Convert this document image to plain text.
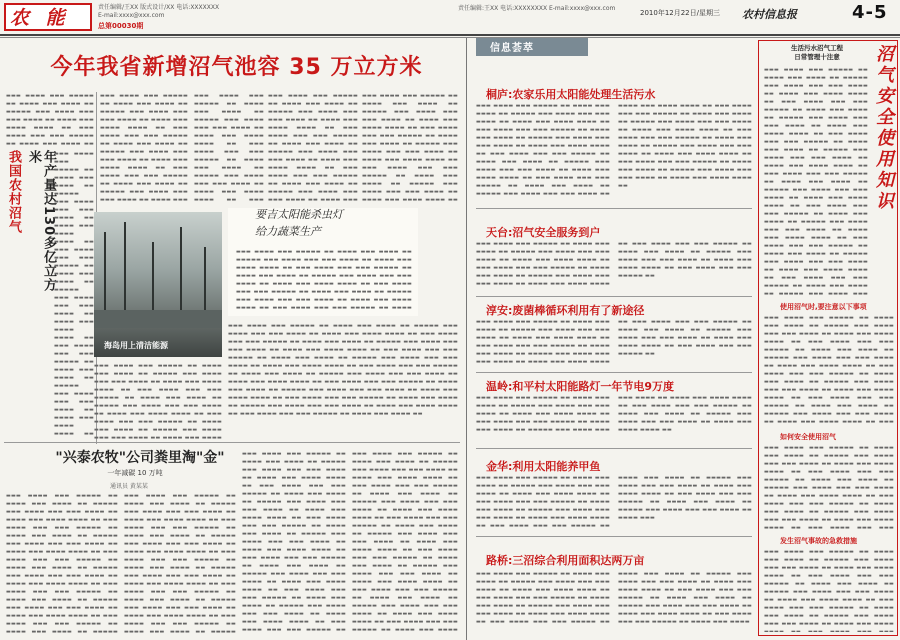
农 能	责任编辑/王XX 版式设计/XX 电话:XXXXXXX
E-mail:xxxx@xxx.com
总第00030期
责任编辑:王XX 电话:XXXXXXXX E-mail:xxxx@xxx.com
2010年12月22日/星期三 农村信息报	4-5
今年我省新增沼气池容 35 万立方米
▬▬▬ ▬▬▬▬ ▬▬▬ ▬▬▬▬▬ ▬▬ ▬▬▬▬ ▬▬▬ ▬▬▬▬ ▬▬ ▬▬▬▬▬ ▬▬▬ ▬▬▬▬ ▬▬▬ ▬▬▬ ▬▬▬▬ ▬▬ ▬▬▬▬ ▬▬▬ ▬▬▬▬ ▬▬▬▬ ▬▬ ▬▬▬ ▬▬▬▬ ▬▬▬ ▬▬▬ ▬▬▬▬▬ ▬▬ ▬▬▬▬ ▬▬▬ ▬▬▬▬ ▬▬
▬▬▬ ▬▬▬▬ ▬▬▬ ▬▬▬▬▬ ▬▬ ▬▬▬▬ ▬▬▬ ▬▬▬▬ ▬▬ ▬▬▬▬▬ ▬▬▬ ▬▬▬▬ ▬▬▬ ▬▬▬ ▬▬▬▬ ▬▬ ▬▬▬▬ ▬▬▬ ▬▬▬▬ ▬▬▬▬ ▬▬ ▬▬▬ ▬▬▬▬ ▬▬▬ ▬▬▬ ▬▬▬▬▬ ▬▬ ▬▬▬▬ ▬▬▬ ▬▬▬▬ ▬▬ ▬▬▬▬▬ ▬▬▬ ▬▬▬▬ ▬▬▬ ▬▬▬ ▬▬▬▬ ▬▬ ▬▬▬▬ ▬▬▬ ▬▬▬▬ ▬▬▬▬ ▬▬ ▬▬▬ ▬▬▬▬ ▬▬▬ ▬▬▬ ▬▬▬▬▬ ▬▬ ▬▬▬▬ ▬▬▬ ▬▬▬▬ ▬▬ ▬▬▬▬▬ ▬▬▬ ▬▬▬▬ ▬▬▬ ▬▬▬ ▬▬▬▬ ▬▬ ▬▬▬▬ ▬▬▬
▬▬▬ ▬▬▬▬ ▬▬▬ ▬▬▬▬▬ ▬▬ ▬▬▬▬ ▬▬▬ ▬▬▬▬ ▬▬ ▬▬▬▬▬ ▬▬▬ ▬▬▬▬ ▬▬▬ ▬▬▬ ▬▬▬▬ ▬▬ ▬▬▬▬ ▬▬▬ ▬▬▬▬ ▬▬▬▬ ▬▬ ▬▬▬ ▬▬▬▬ ▬▬▬ ▬▬▬ ▬▬▬▬▬ ▬▬ ▬▬▬▬ ▬▬▬ ▬▬▬▬ ▬▬ ▬▬▬▬▬ ▬▬▬ ▬▬▬▬ ▬▬▬ ▬▬▬ ▬▬▬▬ ▬▬ ▬▬▬▬ ▬▬▬ ▬▬▬▬ ▬▬▬▬ ▬▬ ▬▬▬
▬▬▬ ▬▬▬▬ ▬▬▬ ▬▬▬▬▬ ▬▬ ▬▬▬▬ ▬▬▬ ▬▬▬▬ ▬▬ ▬▬▬▬▬ ▬▬▬ ▬▬▬▬ ▬▬▬ ▬▬▬ ▬▬▬▬ ▬▬ ▬▬▬▬ ▬▬▬ ▬▬▬▬ ▬▬▬▬ ▬▬ ▬▬▬ ▬▬▬▬ ▬▬▬ ▬▬▬ ▬▬▬▬▬ ▬▬ ▬▬▬▬ ▬▬▬ ▬▬▬▬ ▬▬ ▬▬▬▬▬ ▬▬▬ ▬▬▬▬ ▬▬▬ ▬▬▬ ▬▬▬▬ ▬▬ ▬▬▬▬ ▬▬▬ ▬▬▬▬ ▬▬▬▬ ▬▬ ▬▬▬ ▬▬▬▬ ▬▬▬ ▬▬▬ ▬▬▬▬▬ ▬▬ ▬▬▬▬ ▬▬▬ ▬▬▬▬ ▬▬ ▬▬▬▬▬ ▬▬▬ ▬▬▬▬ ▬▬▬ ▬▬▬ ▬▬▬▬ ▬▬ ▬▬▬▬ ▬▬▬
▬▬▬ ▬▬▬▬ ▬▬▬ ▬▬▬▬▬ ▬▬ ▬▬▬▬ ▬▬▬ ▬▬▬▬ ▬▬ ▬▬▬▬▬ ▬▬▬ ▬▬▬▬ ▬▬▬ ▬▬▬ ▬▬▬▬ ▬▬ ▬▬▬▬ ▬▬▬ ▬▬▬▬ ▬▬▬▬ ▬▬ ▬▬▬ ▬▬▬▬ ▬▬▬ ▬▬▬ ▬▬▬▬▬ ▬▬ ▬▬▬▬ ▬▬▬ ▬▬▬▬ ▬▬ ▬▬▬▬▬ ▬▬▬ ▬▬▬▬ ▬▬▬ ▬▬▬ ▬▬▬▬ ▬▬ ▬▬▬▬ ▬▬▬ ▬▬▬▬ ▬▬▬▬ ▬▬ ▬▬▬ ▬▬▬▬ ▬▬▬ ▬▬▬ ▬▬▬▬▬ ▬▬ ▬▬▬▬ ▬▬▬ ▬▬▬▬ ▬▬ ▬▬▬▬▬ ▬▬▬ ▬▬▬▬ ▬▬▬ ▬▬▬ ▬▬▬▬ ▬▬ ▬▬▬▬ ▬▬▬ ▬▬▬▬ ▬▬▬▬ ▬▬
我国农村沼气	年产量达130多亿立方米	▬▬▬ ▬▬▬▬ ▬▬▬ ▬▬▬▬▬ ▬▬ ▬▬▬▬ ▬▬▬ ▬▬▬▬ ▬▬ ▬▬▬▬▬ ▬▬▬ ▬▬▬▬ ▬▬▬ ▬▬▬ ▬▬▬▬ ▬▬ ▬▬▬▬ ▬▬▬ ▬▬▬▬ ▬▬▬▬ ▬▬ ▬▬▬ ▬▬▬▬ ▬▬▬ ▬▬▬ ▬▬▬▬▬ ▬▬ ▬▬▬▬ ▬▬▬ ▬▬▬▬ ▬▬ ▬▬▬▬▬ ▬▬▬ ▬▬▬▬ ▬▬▬ ▬▬▬ ▬▬▬▬ ▬▬ ▬▬▬▬ ▬▬▬ ▬▬▬▬ ▬▬▬▬ ▬▬ ▬▬▬ ▬▬▬▬ ▬▬▬ ▬▬▬ ▬▬▬▬▬ ▬▬ ▬▬▬▬ ▬▬▬ ▬▬▬▬ ▬▬ ▬▬▬▬▬ ▬▬▬ ▬▬▬▬ ▬▬▬ ▬▬▬ ▬▬▬▬ ▬▬ ▬▬▬▬ ▬▬▬ ▬▬▬▬ ▬▬▬▬ ▬▬
海岛用上清洁能源
要吉太阳能杀虫灯
给力蔬菜生产
▬▬▬ ▬▬▬▬ ▬▬▬ ▬▬▬▬▬ ▬▬ ▬▬▬▬ ▬▬▬ ▬▬▬▬ ▬▬ ▬▬▬▬▬ ▬▬▬ ▬▬▬▬ ▬▬▬ ▬▬▬ ▬▬▬▬ ▬▬ ▬▬▬▬ ▬▬▬ ▬▬▬▬ ▬▬▬▬ ▬▬ ▬▬▬ ▬▬▬▬ ▬▬▬ ▬▬▬ ▬▬▬▬▬ ▬▬ ▬▬▬▬ ▬▬▬ ▬▬▬▬ ▬▬ ▬▬▬▬▬ ▬▬▬ ▬▬▬▬ ▬▬▬ ▬▬▬ ▬▬▬▬ ▬▬ ▬▬▬▬ ▬▬▬ ▬▬▬▬ ▬▬▬▬ ▬▬ ▬▬▬ ▬▬▬▬ ▬▬▬ ▬▬▬ ▬▬▬▬▬ ▬▬ ▬▬▬▬ ▬▬▬ ▬▬▬▬ ▬▬ ▬▬▬▬▬ ▬▬▬ ▬▬▬▬ ▬▬▬ ▬▬▬ ▬▬▬▬ ▬▬ ▬▬▬▬ ▬▬▬ ▬▬▬▬ ▬▬▬▬ ▬▬ ▬▬▬ ▬▬▬▬ ▬▬▬ ▬▬▬ ▬▬▬▬▬ ▬▬ ▬▬▬▬
▬▬▬ ▬▬▬▬ ▬▬▬ ▬▬▬▬▬ ▬▬ ▬▬▬▬ ▬▬▬ ▬▬▬▬ ▬▬ ▬▬▬▬▬ ▬▬▬ ▬▬▬▬ ▬▬▬ ▬▬▬ ▬▬▬▬ ▬▬ ▬▬▬▬ ▬▬▬ ▬▬▬▬ ▬▬▬▬ ▬▬ ▬▬▬ ▬▬▬▬ ▬▬▬ ▬▬▬ ▬▬▬▬▬ ▬▬ ▬▬▬▬ ▬▬▬ ▬▬▬▬ ▬▬ ▬▬▬▬▬ ▬▬▬ ▬▬▬▬ ▬▬▬ ▬▬▬ ▬▬▬▬ ▬▬ ▬▬▬▬ ▬▬▬ ▬▬▬▬ ▬▬▬▬ ▬▬ ▬▬▬ ▬▬▬▬ ▬▬▬ ▬▬▬ ▬▬▬▬▬ ▬▬ ▬▬▬▬ ▬▬▬ ▬▬▬▬ ▬▬ ▬▬▬▬▬ ▬▬▬ ▬▬▬▬ ▬▬▬ ▬▬▬ ▬▬▬▬ ▬▬ ▬▬▬▬ ▬▬▬ ▬▬▬▬ ▬▬▬▬ ▬▬ ▬▬▬ ▬▬▬▬ ▬▬▬ ▬▬▬ ▬▬▬▬▬ ▬▬ ▬▬▬▬ ▬▬▬ ▬▬▬▬ ▬▬ ▬▬▬▬▬ ▬▬▬ ▬▬▬▬ ▬▬▬ ▬▬▬ ▬▬▬▬ ▬▬ ▬▬▬▬ ▬▬▬ ▬▬▬▬ ▬▬▬▬ ▬▬ ▬▬▬ ▬▬▬▬ ▬▬▬ ▬▬▬ ▬▬▬▬▬ ▬▬ ▬▬▬▬ ▬▬▬ ▬▬▬▬ ▬▬ ▬▬▬▬▬ ▬▬▬ ▬▬▬▬ ▬▬▬ ▬▬▬ ▬▬▬▬ ▬▬ ▬▬▬▬ ▬▬▬ ▬▬▬▬ ▬▬▬▬ ▬▬ ▬▬▬ ▬▬▬▬ ▬▬▬ ▬▬▬ ▬▬▬▬▬ ▬▬ ▬▬▬▬ ▬▬▬ ▬▬▬▬ ▬▬ ▬▬▬▬▬ ▬▬▬ ▬▬▬▬ ▬▬▬ ▬▬▬ ▬▬▬▬ ▬▬ ▬▬▬▬ ▬▬▬ ▬▬▬▬ ▬▬▬▬ ▬▬ ▬▬▬ ▬▬▬▬ ▬▬▬ ▬▬▬ ▬▬▬▬▬ ▬▬ ▬▬▬▬ ▬▬▬ ▬▬▬▬ ▬▬
▬▬▬ ▬▬▬▬ ▬▬▬ ▬▬▬▬▬ ▬▬ ▬▬▬▬ ▬▬▬ ▬▬▬▬ ▬▬ ▬▬▬▬▬ ▬▬▬ ▬▬▬▬ ▬▬▬ ▬▬▬ ▬▬▬▬ ▬▬ ▬▬▬▬ ▬▬▬ ▬▬▬▬ ▬▬▬▬ ▬▬ ▬▬▬ ▬▬▬▬ ▬▬▬ ▬▬▬ ▬▬▬▬▬ ▬▬ ▬▬▬▬ ▬▬▬ ▬▬▬▬ ▬▬ ▬▬▬▬▬ ▬▬▬ ▬▬▬▬ ▬▬▬ ▬▬▬ ▬▬▬▬ ▬▬ ▬▬▬▬ ▬▬▬ ▬▬▬▬ ▬▬▬▬ ▬▬ ▬▬▬ ▬▬▬▬ ▬▬▬ ▬▬▬ ▬▬▬▬▬ ▬▬ ▬▬▬▬ ▬▬▬ ▬▬▬▬ ▬▬ ▬▬▬▬▬ ▬▬▬ ▬▬▬▬ ▬▬▬ ▬▬▬ ▬▬▬▬ ▬▬ ▬▬▬▬ ▬▬▬ ▬▬▬▬
"兴泰农牧"公司粪里淘"金"
一年减碳 10 万吨
通讯员 黄某某
▬▬▬ ▬▬▬▬ ▬▬▬ ▬▬▬▬▬ ▬▬ ▬▬▬▬ ▬▬▬ ▬▬▬▬ ▬▬ ▬▬▬▬▬ ▬▬▬ ▬▬▬▬ ▬▬▬ ▬▬▬ ▬▬▬▬ ▬▬ ▬▬▬▬ ▬▬▬ ▬▬▬▬ ▬▬▬▬ ▬▬ ▬▬▬ ▬▬▬▬ ▬▬▬ ▬▬▬ ▬▬▬▬▬ ▬▬ ▬▬▬▬ ▬▬▬ ▬▬▬▬ ▬▬ ▬▬▬▬▬ ▬▬▬ ▬▬▬▬ ▬▬▬ ▬▬▬ ▬▬▬▬ ▬▬ ▬▬▬▬ ▬▬▬ ▬▬▬▬ ▬▬▬▬ ▬▬ ▬▬▬ ▬▬▬▬ ▬▬▬ ▬▬▬ ▬▬▬▬▬ ▬▬ ▬▬▬▬ ▬▬▬ ▬▬▬▬ ▬▬ ▬▬▬▬▬ ▬▬▬ ▬▬▬▬ ▬▬▬ ▬▬▬ ▬▬▬▬ ▬▬ ▬▬▬▬ ▬▬▬ ▬▬▬▬ ▬▬▬▬ ▬▬ ▬▬▬ ▬▬▬▬ ▬▬▬ ▬▬▬ ▬▬▬▬▬ ▬▬ ▬▬▬▬ ▬▬▬ ▬▬▬▬ ▬▬ ▬▬▬▬▬ ▬▬▬ ▬▬▬▬ ▬▬▬ ▬▬▬ ▬▬▬▬ ▬▬ ▬▬▬▬ ▬▬▬ ▬▬▬▬ ▬▬▬▬ ▬▬ ▬▬▬ ▬▬▬▬ ▬▬▬ ▬▬▬ ▬▬▬▬▬ ▬▬ ▬▬▬▬ ▬▬▬ ▬▬▬▬ ▬▬ ▬▬▬▬▬
▬▬▬ ▬▬▬▬ ▬▬▬ ▬▬▬▬▬ ▬▬ ▬▬▬▬ ▬▬▬ ▬▬▬▬ ▬▬ ▬▬▬▬▬ ▬▬▬ ▬▬▬▬ ▬▬▬ ▬▬▬ ▬▬▬▬ ▬▬ ▬▬▬▬ ▬▬▬ ▬▬▬▬ ▬▬▬▬ ▬▬ ▬▬▬ ▬▬▬▬ ▬▬▬ ▬▬▬ ▬▬▬▬▬ ▬▬ ▬▬▬▬ ▬▬▬ ▬▬▬▬ ▬▬ ▬▬▬▬▬ ▬▬▬ ▬▬▬▬ ▬▬▬ ▬▬▬ ▬▬▬▬ ▬▬ ▬▬▬▬ ▬▬▬ ▬▬▬▬ ▬▬▬▬ ▬▬ ▬▬▬ ▬▬▬▬ ▬▬▬ ▬▬▬ ▬▬▬▬▬ ▬▬ ▬▬▬▬ ▬▬▬ ▬▬▬▬ ▬▬ ▬▬▬▬▬ ▬▬▬ ▬▬▬▬ ▬▬▬ ▬▬▬ ▬▬▬▬ ▬▬ ▬▬▬▬ ▬▬▬ ▬▬▬▬ ▬▬▬▬ ▬▬ ▬▬▬ ▬▬▬▬ ▬▬▬ ▬▬▬ ▬▬▬▬▬ ▬▬ ▬▬▬▬ ▬▬▬ ▬▬▬▬ ▬▬ ▬▬▬▬▬ ▬▬▬ ▬▬▬▬ ▬▬▬ ▬▬▬ ▬▬▬▬ ▬▬ ▬▬▬▬ ▬▬▬ ▬▬▬▬ ▬▬▬▬ ▬▬ ▬▬▬ ▬▬▬▬ ▬▬▬ ▬▬▬ ▬▬▬▬▬ ▬▬ ▬▬▬▬ ▬▬▬ ▬▬▬▬ ▬▬ ▬▬▬▬▬
▬▬▬ ▬▬▬▬ ▬▬▬ ▬▬▬▬▬ ▬▬ ▬▬▬▬ ▬▬▬ ▬▬▬▬ ▬▬ ▬▬▬▬▬ ▬▬▬ ▬▬▬▬ ▬▬▬ ▬▬▬ ▬▬▬▬ ▬▬ ▬▬▬▬ ▬▬▬ ▬▬▬▬ ▬▬▬▬ ▬▬ ▬▬▬ ▬▬▬▬ ▬▬▬ ▬▬▬ ▬▬▬▬▬ ▬▬ ▬▬▬▬ ▬▬▬ ▬▬▬▬ ▬▬ ▬▬▬▬▬ ▬▬▬ ▬▬▬▬ ▬▬▬ ▬▬▬ ▬▬▬▬ ▬▬ ▬▬▬▬ ▬▬▬ ▬▬▬▬ ▬▬▬▬ ▬▬ ▬▬▬ ▬▬▬▬ ▬▬▬ ▬▬▬ ▬▬▬▬▬ ▬▬ ▬▬▬▬ ▬▬▬ ▬▬▬▬ ▬▬ ▬▬▬▬▬ ▬▬▬ ▬▬▬▬ ▬▬▬ ▬▬▬ ▬▬▬▬ ▬▬ ▬▬▬▬ ▬▬▬ ▬▬▬▬ ▬▬▬▬ ▬▬ ▬▬▬ ▬▬▬▬ ▬▬▬ ▬▬▬ ▬▬▬▬▬ ▬▬ ▬▬▬▬ ▬▬▬ ▬▬▬▬ ▬▬ ▬▬▬▬▬ ▬▬▬ ▬▬▬▬ ▬▬▬ ▬▬▬ ▬▬▬▬ ▬▬ ▬▬▬▬ ▬▬▬ ▬▬▬▬ ▬▬▬▬ ▬▬ ▬▬▬ ▬▬▬▬ ▬▬▬ ▬▬▬ ▬▬▬▬▬ ▬▬ ▬▬▬▬ ▬▬▬ ▬▬▬▬ ▬▬ ▬▬▬▬▬ ▬▬▬ ▬▬▬▬ ▬▬▬ ▬▬▬ ▬▬▬▬ ▬▬ ▬▬▬▬ ▬▬▬ ▬▬▬▬ ▬▬▬▬ ▬▬ ▬▬▬ ▬▬▬▬ ▬▬▬ ▬▬▬ ▬▬▬▬▬ ▬▬
▬▬▬ ▬▬▬▬ ▬▬▬ ▬▬▬▬▬ ▬▬ ▬▬▬▬ ▬▬▬ ▬▬▬▬ ▬▬ ▬▬▬▬▬ ▬▬▬ ▬▬▬▬ ▬▬▬ ▬▬▬ ▬▬▬▬ ▬▬ ▬▬▬▬ ▬▬▬ ▬▬▬▬ ▬▬▬▬ ▬▬ ▬▬▬ ▬▬▬▬ ▬▬▬ ▬▬▬ ▬▬▬▬▬ ▬▬ ▬▬▬▬ ▬▬▬ ▬▬▬▬ ▬▬ ▬▬▬▬▬ ▬▬▬ ▬▬▬▬ ▬▬▬ ▬▬▬ ▬▬▬▬ ▬▬ ▬▬▬▬ ▬▬▬ ▬▬▬▬ ▬▬▬▬ ▬▬ ▬▬▬ ▬▬▬▬ ▬▬▬ ▬▬▬ ▬▬▬▬▬ ▬▬ ▬▬▬▬ ▬▬▬ ▬▬▬▬ ▬▬ ▬▬▬▬▬ ▬▬▬ ▬▬▬▬ ▬▬▬ ▬▬▬ ▬▬▬▬ ▬▬ ▬▬▬▬ ▬▬▬ ▬▬▬▬ ▬▬▬▬ ▬▬ ▬▬▬ ▬▬▬▬ ▬▬▬ ▬▬▬ ▬▬▬▬▬ ▬▬ ▬▬▬▬ ▬▬▬ ▬▬▬▬ ▬▬ ▬▬▬▬▬ ▬▬▬ ▬▬▬▬ ▬▬▬ ▬▬▬ ▬▬▬▬ ▬▬ ▬▬▬▬ ▬▬▬ ▬▬▬▬ ▬▬▬▬ ▬▬ ▬▬▬ ▬▬▬▬ ▬▬▬ ▬▬▬ ▬▬▬▬▬ ▬▬ ▬▬▬▬ ▬▬▬ ▬▬▬▬ ▬▬ ▬▬▬▬▬ ▬▬▬ ▬▬▬▬ ▬▬▬ ▬▬▬ ▬▬▬▬ ▬▬ ▬▬▬▬ ▬▬▬ ▬▬▬▬ ▬▬▬▬ ▬▬ ▬▬▬ ▬▬▬▬ ▬▬▬ ▬▬▬ ▬▬▬▬▬ ▬▬ ▬▬▬▬ ▬▬▬ ▬▬▬▬
信息荟萃
桐庐:农家乐用太阳能处理生活污水
▬▬▬ ▬▬▬▬ ▬▬▬ ▬▬▬▬▬ ▬▬ ▬▬▬▬ ▬▬▬ ▬▬▬▬ ▬▬ ▬▬▬▬▬ ▬▬▬ ▬▬▬▬ ▬▬▬ ▬▬▬ ▬▬▬▬ ▬▬ ▬▬▬▬ ▬▬▬ ▬▬▬▬ ▬▬▬▬ ▬▬ ▬▬▬ ▬▬▬▬ ▬▬▬ ▬▬▬ ▬▬▬▬▬ ▬▬ ▬▬▬▬ ▬▬▬ ▬▬▬▬ ▬▬ ▬▬▬▬▬ ▬▬▬ ▬▬▬▬ ▬▬▬ ▬▬▬ ▬▬▬▬ ▬▬ ▬▬▬▬ ▬▬▬ ▬▬▬▬ ▬▬▬▬ ▬▬ ▬▬▬ ▬▬▬▬ ▬▬▬ ▬▬▬ ▬▬▬▬▬ ▬▬ ▬▬▬▬ ▬▬▬ ▬▬▬▬ ▬▬ ▬▬▬▬▬ ▬▬▬ ▬▬▬▬ ▬▬▬ ▬▬▬ ▬▬▬▬ ▬▬ ▬▬▬▬ ▬▬▬ ▬▬▬▬ ▬▬▬▬ ▬▬ ▬▬▬ ▬▬▬▬ ▬▬▬ ▬▬▬ ▬▬▬▬▬ ▬▬ ▬▬▬▬ ▬▬▬ ▬▬▬▬ ▬▬ ▬▬▬▬▬ ▬▬▬ ▬▬▬▬ ▬▬▬ ▬▬▬ ▬▬▬▬ ▬▬ ▬▬▬▬ ▬▬▬ ▬▬▬▬ ▬▬▬▬ ▬▬ ▬▬▬ ▬▬▬▬ ▬▬▬ ▬▬▬ ▬▬▬▬▬ ▬▬ ▬▬▬▬ ▬▬▬ ▬▬▬▬ ▬▬ ▬▬▬▬▬ ▬▬▬ ▬▬▬▬ ▬▬▬ ▬▬▬ ▬▬▬▬ ▬▬ ▬▬▬▬ ▬▬▬ ▬▬▬▬ ▬▬▬▬ ▬▬ ▬▬▬ ▬▬▬▬ ▬▬▬ ▬▬▬ ▬▬▬▬▬ ▬▬ ▬▬▬▬ ▬▬▬ ▬▬▬▬ ▬▬ ▬▬▬▬▬ ▬▬▬ ▬▬▬▬ ▬▬▬ ▬▬▬ ▬▬▬▬ ▬▬ ▬▬▬▬ ▬▬▬ ▬▬▬▬ ▬▬▬▬ ▬▬ ▬▬▬ ▬▬▬▬ ▬▬▬ ▬▬▬ ▬▬▬▬▬ ▬▬ ▬▬▬▬ ▬▬▬ ▬▬▬▬ ▬▬ ▬▬▬▬▬ ▬▬▬ ▬▬▬▬ ▬▬▬ ▬▬▬ ▬▬▬▬ ▬▬ ▬▬▬▬ ▬▬▬ ▬▬▬▬ ▬▬▬▬ ▬▬
天台:沼气安全服务到户
▬▬▬ ▬▬▬▬ ▬▬▬ ▬▬▬▬▬ ▬▬ ▬▬▬▬ ▬▬▬ ▬▬▬▬ ▬▬ ▬▬▬▬▬ ▬▬▬ ▬▬▬▬ ▬▬▬ ▬▬▬ ▬▬▬▬ ▬▬ ▬▬▬▬ ▬▬▬ ▬▬▬▬ ▬▬▬▬ ▬▬ ▬▬▬ ▬▬▬▬ ▬▬▬ ▬▬▬ ▬▬▬▬▬ ▬▬ ▬▬▬▬ ▬▬▬ ▬▬▬▬ ▬▬ ▬▬▬▬▬ ▬▬▬ ▬▬▬▬ ▬▬▬ ▬▬▬ ▬▬▬▬ ▬▬ ▬▬▬▬ ▬▬▬ ▬▬▬▬ ▬▬▬▬ ▬▬ ▬▬▬ ▬▬▬▬ ▬▬▬ ▬▬▬ ▬▬▬▬▬ ▬▬ ▬▬▬▬ ▬▬▬ ▬▬▬▬ ▬▬ ▬▬▬▬▬ ▬▬▬ ▬▬▬▬ ▬▬▬ ▬▬▬ ▬▬▬▬ ▬▬ ▬▬▬▬ ▬▬▬ ▬▬▬▬ ▬▬▬▬ ▬▬ ▬▬▬ ▬▬▬▬ ▬▬▬ ▬▬▬ ▬▬▬▬▬ ▬▬
淳安:废菌棒循环利用有了新途径
▬▬▬ ▬▬▬▬ ▬▬▬ ▬▬▬▬▬ ▬▬ ▬▬▬▬ ▬▬▬ ▬▬▬▬ ▬▬ ▬▬▬▬▬ ▬▬▬ ▬▬▬▬ ▬▬▬ ▬▬▬ ▬▬▬▬ ▬▬ ▬▬▬▬ ▬▬▬ ▬▬▬▬ ▬▬▬▬ ▬▬ ▬▬▬ ▬▬▬▬ ▬▬▬ ▬▬▬ ▬▬▬▬▬ ▬▬ ▬▬▬▬ ▬▬▬ ▬▬▬▬ ▬▬ ▬▬▬▬▬ ▬▬▬ ▬▬▬▬ ▬▬▬ ▬▬▬ ▬▬▬▬ ▬▬ ▬▬▬▬ ▬▬▬ ▬▬▬▬ ▬▬▬▬ ▬▬ ▬▬▬ ▬▬▬▬ ▬▬▬ ▬▬▬ ▬▬▬▬▬ ▬▬ ▬▬▬▬ ▬▬▬ ▬▬▬▬ ▬▬ ▬▬▬▬▬ ▬▬▬ ▬▬▬▬ ▬▬▬ ▬▬▬ ▬▬▬▬ ▬▬ ▬▬▬▬ ▬▬▬ ▬▬▬▬ ▬▬▬▬ ▬▬ ▬▬▬ ▬▬▬▬ ▬▬▬ ▬▬▬ ▬▬▬▬▬ ▬▬
温岭:和平村太阳能路灯一年节电9万度
▬▬▬ ▬▬▬▬ ▬▬▬ ▬▬▬▬▬ ▬▬ ▬▬▬▬ ▬▬▬ ▬▬▬▬ ▬▬ ▬▬▬▬▬ ▬▬▬ ▬▬▬▬ ▬▬▬ ▬▬▬ ▬▬▬▬ ▬▬ ▬▬▬▬ ▬▬▬ ▬▬▬▬ ▬▬▬▬ ▬▬ ▬▬▬ ▬▬▬▬ ▬▬▬ ▬▬▬ ▬▬▬▬▬ ▬▬ ▬▬▬▬ ▬▬▬ ▬▬▬▬ ▬▬ ▬▬▬▬▬ ▬▬▬ ▬▬▬▬ ▬▬▬ ▬▬▬ ▬▬▬▬ ▬▬ ▬▬▬▬ ▬▬▬ ▬▬▬▬ ▬▬▬▬ ▬▬ ▬▬▬ ▬▬▬▬ ▬▬▬ ▬▬▬ ▬▬▬▬▬ ▬▬ ▬▬▬▬ ▬▬▬ ▬▬▬▬ ▬▬ ▬▬▬▬▬ ▬▬▬ ▬▬▬▬ ▬▬▬ ▬▬▬ ▬▬▬▬ ▬▬ ▬▬▬▬ ▬▬▬ ▬▬▬▬ ▬▬▬▬ ▬▬
金华:利用太阳能养甲鱼
▬▬▬ ▬▬▬▬ ▬▬▬ ▬▬▬▬▬ ▬▬ ▬▬▬▬ ▬▬▬ ▬▬▬▬ ▬▬ ▬▬▬▬▬ ▬▬▬ ▬▬▬▬ ▬▬▬ ▬▬▬ ▬▬▬▬ ▬▬ ▬▬▬▬ ▬▬▬ ▬▬▬▬ ▬▬▬▬ ▬▬ ▬▬▬ ▬▬▬▬ ▬▬▬ ▬▬▬ ▬▬▬▬▬ ▬▬ ▬▬▬▬ ▬▬▬ ▬▬▬▬ ▬▬ ▬▬▬▬▬ ▬▬▬ ▬▬▬▬ ▬▬▬ ▬▬▬ ▬▬▬▬ ▬▬ ▬▬▬▬ ▬▬▬ ▬▬▬▬ ▬▬▬▬ ▬▬ ▬▬▬ ▬▬▬▬ ▬▬▬ ▬▬▬ ▬▬▬▬▬ ▬▬ ▬▬▬▬ ▬▬▬ ▬▬▬▬ ▬▬ ▬▬▬▬▬ ▬▬▬ ▬▬▬▬ ▬▬▬ ▬▬▬ ▬▬▬▬ ▬▬ ▬▬▬▬ ▬▬▬ ▬▬▬▬ ▬▬▬▬ ▬▬ ▬▬▬ ▬▬▬▬ ▬▬▬ ▬▬▬ ▬▬▬▬▬ ▬▬ ▬▬▬▬ ▬▬▬ ▬▬▬▬ ▬▬ ▬▬▬▬▬ ▬▬▬ ▬▬▬▬ ▬▬▬ ▬▬▬ ▬▬▬▬ ▬▬ ▬▬▬▬ ▬▬▬
路桥:三沼综合利用面积达两万亩
▬▬▬ ▬▬▬▬ ▬▬▬ ▬▬▬▬▬ ▬▬ ▬▬▬▬ ▬▬▬ ▬▬▬▬ ▬▬ ▬▬▬▬▬ ▬▬▬ ▬▬▬▬ ▬▬▬ ▬▬▬ ▬▬▬▬ ▬▬ ▬▬▬▬ ▬▬▬ ▬▬▬▬ ▬▬▬▬ ▬▬ ▬▬▬ ▬▬▬▬ ▬▬▬ ▬▬▬ ▬▬▬▬▬ ▬▬ ▬▬▬▬ ▬▬▬ ▬▬▬▬ ▬▬ ▬▬▬▬▬ ▬▬▬ ▬▬▬▬ ▬▬▬ ▬▬▬ ▬▬▬▬ ▬▬ ▬▬▬▬ ▬▬▬ ▬▬▬▬ ▬▬▬▬ ▬▬ ▬▬▬ ▬▬▬▬ ▬▬▬ ▬▬▬ ▬▬▬▬▬ ▬▬ ▬▬▬▬ ▬▬▬ ▬▬▬▬ ▬▬ ▬▬▬▬▬ ▬▬▬ ▬▬▬▬ ▬▬▬ ▬▬▬ ▬▬▬▬ ▬▬ ▬▬▬▬ ▬▬▬ ▬▬▬▬ ▬▬▬▬ ▬▬ ▬▬▬ ▬▬▬▬ ▬▬▬ ▬▬▬ ▬▬▬▬▬ ▬▬ ▬▬▬▬ ▬▬▬ ▬▬▬▬ ▬▬ ▬▬▬▬▬ ▬▬▬ ▬▬▬▬ ▬▬▬ ▬▬▬ ▬▬▬▬ ▬▬ ▬▬▬▬ ▬▬▬ ▬▬▬▬ ▬▬▬▬ ▬▬ ▬▬▬ ▬▬▬▬ ▬▬▬ ▬▬▬ ▬▬▬▬▬ ▬▬ ▬▬▬▬ ▬▬▬ ▬▬▬▬
生活污水沼气工程
日常管理十注意	沼气安全使用知识
▬▬▬ ▬▬▬▬ ▬▬▬ ▬▬▬▬▬ ▬▬ ▬▬▬▬ ▬▬▬ ▬▬▬▬ ▬▬ ▬▬▬▬▬ ▬▬▬ ▬▬▬▬ ▬▬▬ ▬▬▬ ▬▬▬▬ ▬▬ ▬▬▬▬ ▬▬▬ ▬▬▬▬ ▬▬▬▬ ▬▬ ▬▬▬ ▬▬▬▬ ▬▬▬ ▬▬▬ ▬▬▬▬▬ ▬▬ ▬▬▬▬ ▬▬▬ ▬▬▬▬ ▬▬ ▬▬▬▬▬ ▬▬▬ ▬▬▬▬ ▬▬▬ ▬▬▬ ▬▬▬▬ ▬▬ ▬▬▬▬ ▬▬▬ ▬▬▬▬ ▬▬▬▬ ▬▬ ▬▬▬ ▬▬▬▬ ▬▬▬ ▬▬▬ ▬▬▬▬▬ ▬▬ ▬▬▬▬ ▬▬▬ ▬▬▬▬ ▬▬ ▬▬▬▬▬ ▬▬▬ ▬▬▬▬ ▬▬▬ ▬▬▬ ▬▬▬▬ ▬▬ ▬▬▬▬ ▬▬▬ ▬▬▬▬ ▬▬▬▬ ▬▬ ▬▬▬ ▬▬▬▬ ▬▬▬ ▬▬▬ ▬▬▬▬▬ ▬▬ ▬▬▬▬ ▬▬▬ ▬▬▬▬ ▬▬ ▬▬▬▬▬ ▬▬▬ ▬▬▬▬ ▬▬▬ ▬▬▬ ▬▬▬▬ ▬▬ ▬▬▬▬ ▬▬▬ ▬▬▬▬ ▬▬▬▬ ▬▬ ▬▬▬ ▬▬▬▬ ▬▬▬ ▬▬▬ ▬▬▬▬▬ ▬▬ ▬▬▬▬ ▬▬▬ ▬▬▬▬ ▬▬ ▬▬▬▬▬ ▬▬▬ ▬▬▬▬ ▬▬▬ ▬▬▬ ▬▬▬▬ ▬▬ ▬▬▬▬ ▬▬▬ ▬▬▬▬ ▬▬▬▬ ▬▬ ▬▬▬ ▬▬▬▬ ▬▬▬ ▬▬▬ ▬▬▬▬▬ ▬▬ ▬▬▬▬ ▬▬▬ ▬▬▬▬ ▬▬ ▬▬▬▬▬ ▬▬▬ ▬▬▬▬ ▬▬▬ ▬▬▬ ▬▬▬▬ ▬▬ ▬▬▬▬ ▬▬▬ ▬▬▬▬ ▬▬▬▬ ▬▬ ▬▬▬ ▬▬▬▬ ▬▬▬ ▬▬▬ ▬▬▬▬▬ ▬▬ ▬▬▬▬ ▬▬▬ ▬▬▬▬ ▬▬ ▬▬▬▬▬ ▬▬▬ ▬▬▬▬ ▬▬▬
使用沼气时,要注意以下事项
▬▬▬ ▬▬▬▬ ▬▬▬ ▬▬▬▬▬ ▬▬ ▬▬▬▬ ▬▬▬ ▬▬▬▬ ▬▬ ▬▬▬▬▬ ▬▬▬ ▬▬▬▬ ▬▬▬ ▬▬▬ ▬▬▬▬ ▬▬ ▬▬▬▬ ▬▬▬ ▬▬▬▬ ▬▬▬▬ ▬▬ ▬▬▬ ▬▬▬▬ ▬▬▬ ▬▬▬ ▬▬▬▬▬ ▬▬ ▬▬▬▬ ▬▬▬ ▬▬▬▬ ▬▬ ▬▬▬▬▬ ▬▬▬ ▬▬▬▬ ▬▬▬ ▬▬▬ ▬▬▬▬ ▬▬ ▬▬▬▬ ▬▬▬ ▬▬▬▬ ▬▬▬▬ ▬▬ ▬▬▬ ▬▬▬▬ ▬▬▬ ▬▬▬ ▬▬▬▬▬ ▬▬ ▬▬▬▬ ▬▬▬ ▬▬▬▬ ▬▬ ▬▬▬▬▬ ▬▬▬ ▬▬▬▬ ▬▬▬ ▬▬▬ ▬▬▬▬ ▬▬ ▬▬▬▬ ▬▬▬ ▬▬▬▬ ▬▬▬▬ ▬▬ ▬▬▬ ▬▬▬▬ ▬▬▬ ▬▬▬ ▬▬▬▬▬ ▬▬ ▬▬▬▬ ▬▬▬ ▬▬▬▬ ▬▬ ▬▬▬▬▬ ▬▬▬ ▬▬▬▬ ▬▬▬ ▬▬▬ ▬▬▬▬ ▬▬ ▬▬▬▬ ▬▬▬ ▬▬▬▬ ▬▬▬▬ ▬▬ ▬▬▬
如何安全使用沼气
▬▬▬ ▬▬▬▬ ▬▬▬ ▬▬▬▬▬ ▬▬ ▬▬▬▬ ▬▬▬ ▬▬▬▬ ▬▬ ▬▬▬▬▬ ▬▬▬ ▬▬▬▬ ▬▬▬ ▬▬▬ ▬▬▬▬ ▬▬ ▬▬▬▬ ▬▬▬ ▬▬▬▬ ▬▬▬▬ ▬▬ ▬▬▬ ▬▬▬▬ ▬▬▬ ▬▬▬ ▬▬▬▬▬ ▬▬ ▬▬▬▬ ▬▬▬ ▬▬▬▬ ▬▬ ▬▬▬▬▬ ▬▬▬ ▬▬▬▬ ▬▬▬ ▬▬▬ ▬▬▬▬ ▬▬ ▬▬▬▬ ▬▬▬ ▬▬▬▬ ▬▬▬▬ ▬▬ ▬▬▬ ▬▬▬▬ ▬▬▬ ▬▬▬ ▬▬▬▬▬ ▬▬ ▬▬▬▬ ▬▬▬ ▬▬▬▬ ▬▬ ▬▬▬▬▬ ▬▬▬ ▬▬▬▬ ▬▬▬ ▬▬▬ ▬▬▬▬ ▬▬ ▬▬▬▬ ▬▬▬ ▬▬▬▬ ▬▬▬▬ ▬▬ ▬▬▬ ▬▬▬▬ ▬▬▬ ▬▬▬
发生沼气事故的急救措施
▬▬▬ ▬▬▬▬ ▬▬▬ ▬▬▬▬▬ ▬▬ ▬▬▬▬ ▬▬▬ ▬▬▬▬ ▬▬ ▬▬▬▬▬ ▬▬▬ ▬▬▬▬ ▬▬▬ ▬▬▬ ▬▬▬▬ ▬▬ ▬▬▬▬ ▬▬▬ ▬▬▬▬ ▬▬▬▬ ▬▬ ▬▬▬ ▬▬▬▬ ▬▬▬ ▬▬▬ ▬▬▬▬▬ ▬▬ ▬▬▬▬ ▬▬▬ ▬▬▬▬ ▬▬ ▬▬▬▬▬ ▬▬▬ ▬▬▬▬ ▬▬▬ ▬▬▬ ▬▬▬▬ ▬▬ ▬▬▬▬ ▬▬▬ ▬▬▬▬ ▬▬▬▬ ▬▬ ▬▬▬ ▬▬▬▬ ▬▬▬ ▬▬▬ ▬▬▬▬▬ ▬▬ ▬▬▬▬ ▬▬▬ ▬▬▬▬ ▬▬ ▬▬▬▬▬ ▬▬▬ ▬▬▬▬ ▬▬▬ ▬▬▬ ▬▬▬▬ ▬▬ ▬▬▬▬ ▬▬▬ ▬▬▬▬ ▬▬▬▬ ▬▬ ▬▬▬ ▬▬▬▬ ▬▬▬ ▬▬▬
